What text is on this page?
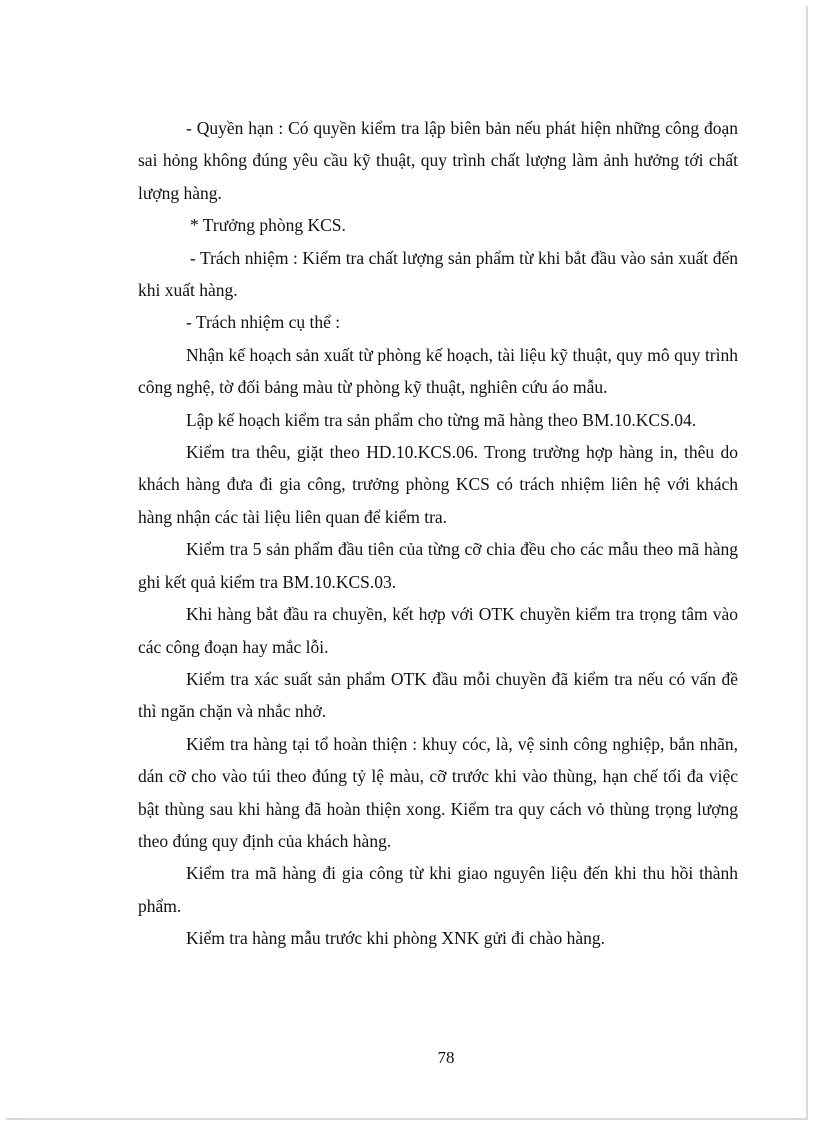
- Quyền hạn : Có quyền kiểm tra lập biên bản nếu phát hiện những công đoạn sai hỏng không đúng yêu cầu kỹ thuật, quy trình chất lượng làm ảnh hưởng tới chất lượng hàng.

* Trưởng phòng KCS.

- Trách nhiệm : Kiểm tra chất lượng sản phẩm từ khi bắt đầu vào sản xuất đến khi xuất hàng.

- Trách nhiệm cụ thể :

Nhận kế hoạch sản xuất từ phòng kế hoạch, tài liệu kỹ thuật, quy mô quy trình công nghệ, tờ đối bảng màu từ phòng kỹ thuật, nghiên cứu áo mẫu.

Lập kế hoạch kiểm tra sản phẩm cho từng mã hàng theo BM.10.KCS.04.

Kiểm tra thêu, giặt theo HD.10.KCS.06. Trong trường hợp hàng in, thêu do khách hàng đưa đi gia công, trưởng phòng KCS có trách nhiệm liên hệ với khách hàng nhận các tài liệu liên quan để kiểm tra.

Kiểm tra 5 sản phẩm đầu tiên của từng cỡ chia đều cho các mẫu theo mã hàng ghi kết quả kiểm tra BM.10.KCS.03.

Khi hàng bắt đầu ra chuyền, kết hợp với OTK chuyền kiểm tra trọng tâm vào các công đoạn hay mắc lỗi.

Kiểm tra xác suất sản phẩm OTK đầu mỗi chuyền đã kiểm tra nếu có vấn đề thì ngăn chặn và nhắc nhở.

Kiểm tra hàng tại tổ hoàn thiện : khuy cóc, là, vệ sinh công nghiệp, bắn nhãn, dán cỡ cho vào túi theo đúng tỷ lệ màu, cỡ trước khi vào thùng, hạn chế tối đa việc bật thùng sau khi hàng đã hoàn thiện xong. Kiểm tra quy cách vỏ thùng trọng lượng theo đúng quy định của khách hàng.

Kiểm tra mã hàng đi gia công từ khi giao nguyên liệu đến khi thu hồi thành phẩm.

Kiểm tra hàng mẫu trước khi phòng XNK gửi đi chào hàng.

78
